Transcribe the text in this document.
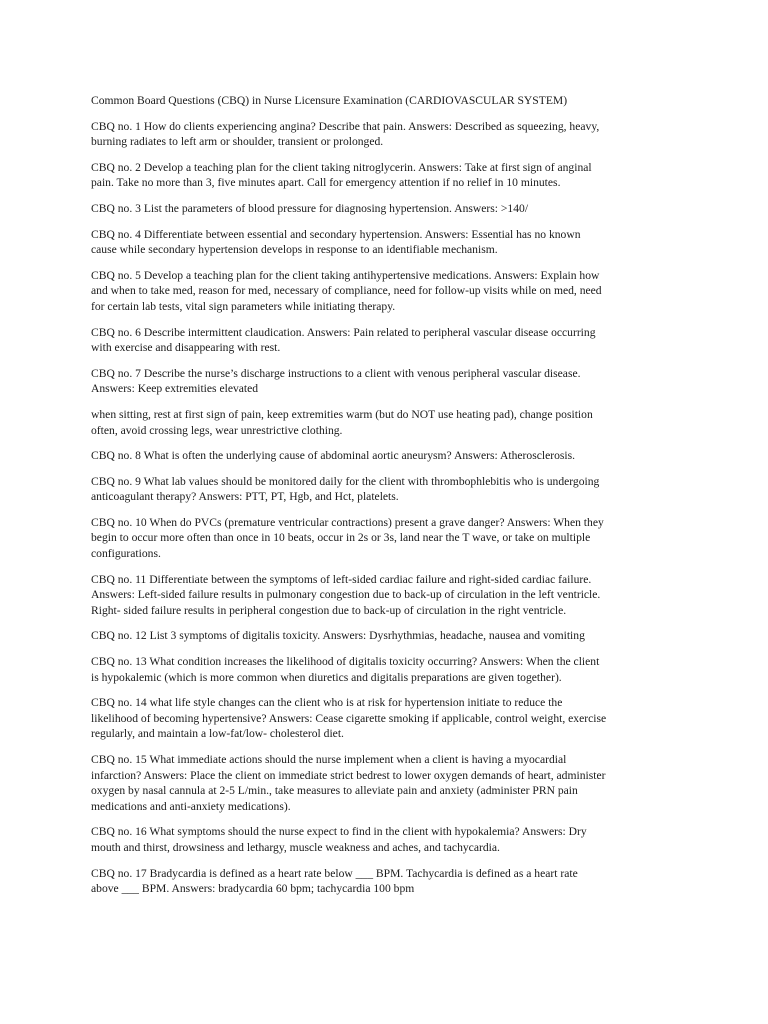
Common Board Questions (CBQ) in Nurse Licensure Examination (CARDIOVASCULAR SYSTEM)

CBQ no. 1 How do clients experiencing angina? Describe that pain. Answers: Described as squeezing, heavy,
burning radiates to left arm or shoulder, transient or prolonged.

CBQ no. 2 Develop a teaching plan for the client taking nitroglycerin. Answers: Take at first sign of anginal
pain. Take no more than 3, five minutes apart. Call for emergency attention if no relief in 10 minutes.

CBQ no. 3 List the parameters of blood pressure for diagnosing hypertension. Answers: >140/

CBQ no. 4 Differentiate between essential and secondary hypertension. Answers: Essential has no known
cause while secondary hypertension develops in response to an identifiable mechanism.

CBQ no. 5 Develop a teaching plan for the client taking antihypertensive medications. Answers: Explain how
and when to take med, reason for med, necessary of compliance, need for follow-up visits while on med, need
for certain lab tests, vital sign parameters while initiating therapy.

CBQ no. 6 Describe intermittent claudication. Answers: Pain related to peripheral vascular disease occurring
with exercise and disappearing with rest.

CBQ no. 7 Describe the nurse’s discharge instructions to a client with venous peripheral vascular disease.
Answers: Keep extremities elevated

when sitting, rest at first sign of pain, keep extremities warm (but do NOT use heating pad), change position
often, avoid crossing legs, wear unrestrictive clothing.

CBQ no. 8 What is often the underlying cause of abdominal aortic aneurysm? Answers: Atherosclerosis.

CBQ no. 9 What lab values should be monitored daily for the client with thrombophlebitis who is undergoing
anticoagulant therapy? Answers: PTT, PT, Hgb, and Hct, platelets.

CBQ no. 10 When do PVCs (premature ventricular contractions) present a grave danger? Answers: When they
begin to occur more often than once in 10 beats, occur in 2s or 3s, land near the T wave, or take on multiple
configurations.

CBQ no. 11 Differentiate between the symptoms of left-sided cardiac failure and right-sided cardiac failure.
Answers: Left-sided failure results in pulmonary congestion due to back-up of circulation in the left ventricle.
Right- sided failure results in peripheral congestion due to back-up of circulation in the right ventricle.

CBQ no. 12 List 3 symptoms of digitalis toxicity. Answers: Dysrhythmias, headache, nausea and vomiting

CBQ no. 13 What condition increases the likelihood of digitalis toxicity occurring? Answers: When the client
is hypokalemic (which is more common when diuretics and digitalis preparations are given together).

CBQ no. 14 what life style changes can the client who is at risk for hypertension initiate to reduce the
likelihood of becoming hypertensive? Answers: Cease cigarette smoking if applicable, control weight, exercise
regularly, and maintain a low-fat/low- cholesterol diet.

CBQ no. 15 What immediate actions should the nurse implement when a client is having a myocardial
infarction? Answers: Place the client on immediate strict bedrest to lower oxygen demands of heart, administer
oxygen by nasal cannula at 2-5 L/min., take measures to alleviate pain and anxiety (administer PRN pain
medications and anti-anxiety medications).

CBQ no. 16 What symptoms should the nurse expect to find in the client with hypokalemia? Answers: Dry
mouth and thirst, drowsiness and lethargy, muscle weakness and aches, and tachycardia.

CBQ no. 17 Bradycardia is defined as a heart rate below ___ BPM. Tachycardia is defined as a heart rate
above ___ BPM. Answers: bradycardia 60 bpm; tachycardia 100 bpm
